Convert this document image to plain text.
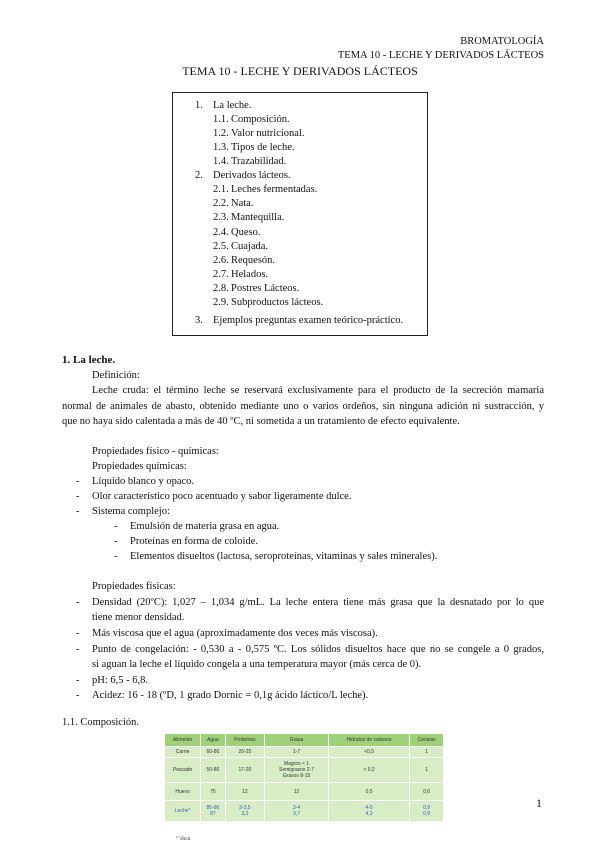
BROMATOLOGÍA
TEMA 10 - LECHE Y DERIVADOS LÁCTEOS
TEMA 10 - LECHE Y DERIVADOS LÁCTEOS
1. La leche.
1.1. Composición.
1.2. Valor nutricional.
1.3. Tipos de leche.
1.4. Trazabilidad.
2. Derivados lácteos.
2.1. Leches fermentadas.
2.2. Nata.
2.3. Mantequilla.
2.4. Queso.
2.5. Cuajada.
2.6. Requesón.
2.7. Helados.
2.8. Postres Lácteos.
2.9. Subproductos lácteos.
3. Ejemplos preguntas examen teórico-práctico.
1. La leche.
Definición:
Leche cruda: el término leche se reservará exclusivamente para el producto de la secreción mamaria
normal de animales de abasto, obtenido mediante uno o varios ordeños, sin ninguna adición ni sustracción, y
que no haya sido calentada a más de 40 ºC, ni sometida a un tratamiento de efecto equivalente.
Propiedades físico - químicas:
Propiedades químicas:
- Líquido blanco y opaco.
- Olor característico poco acentuado y sabor ligeramente dulce.
- Sistema complejo:
- Emulsión de materia grasa en agua.
- Proteínas en forma de coloide.
- Elementos disueltos (lactosa, seroproteínas, vitaminas y sales minerales).
Propiedades físicas:
- Densidad (20ºC): 1,027 – 1,034 g/mL. La leche entera tiene más grasa que la desnatado por lo que
tiene menor densidad.
- Más viscosa que el agua (aproximadamente dos veces más viscosa).
- Punto de congelación: - 0,530 a - 0,575 ºC. Los sólidos disueltos hace que no se congele a 0 grados,
si aguan la leche el líquido congela a una temperatura mayor (más cerca de 0).
- pH: 6,5 - 6,8.
- Acidez: 16 - 18 (ºD, 1 grado Dornic = 0,1g ácido láctico/L leche).
1.1. Composición.
Alimento	Agua	Proteínas	Grasa	Hidratos de carbono	Cenizas
Carne	60-80	20-25	1-7	<0,5	1
Pescado	50-80	17-20	Magros < 1
Semigrasos 2-7
Grasos 8-15	< 0,2	1
Huevo	75	12	12	0,5	0,6
Leche*	85-90
87	3-3,5
3,2	3-4
3,7	4-5
4,3	0,9
0,9
* Vaca
1
